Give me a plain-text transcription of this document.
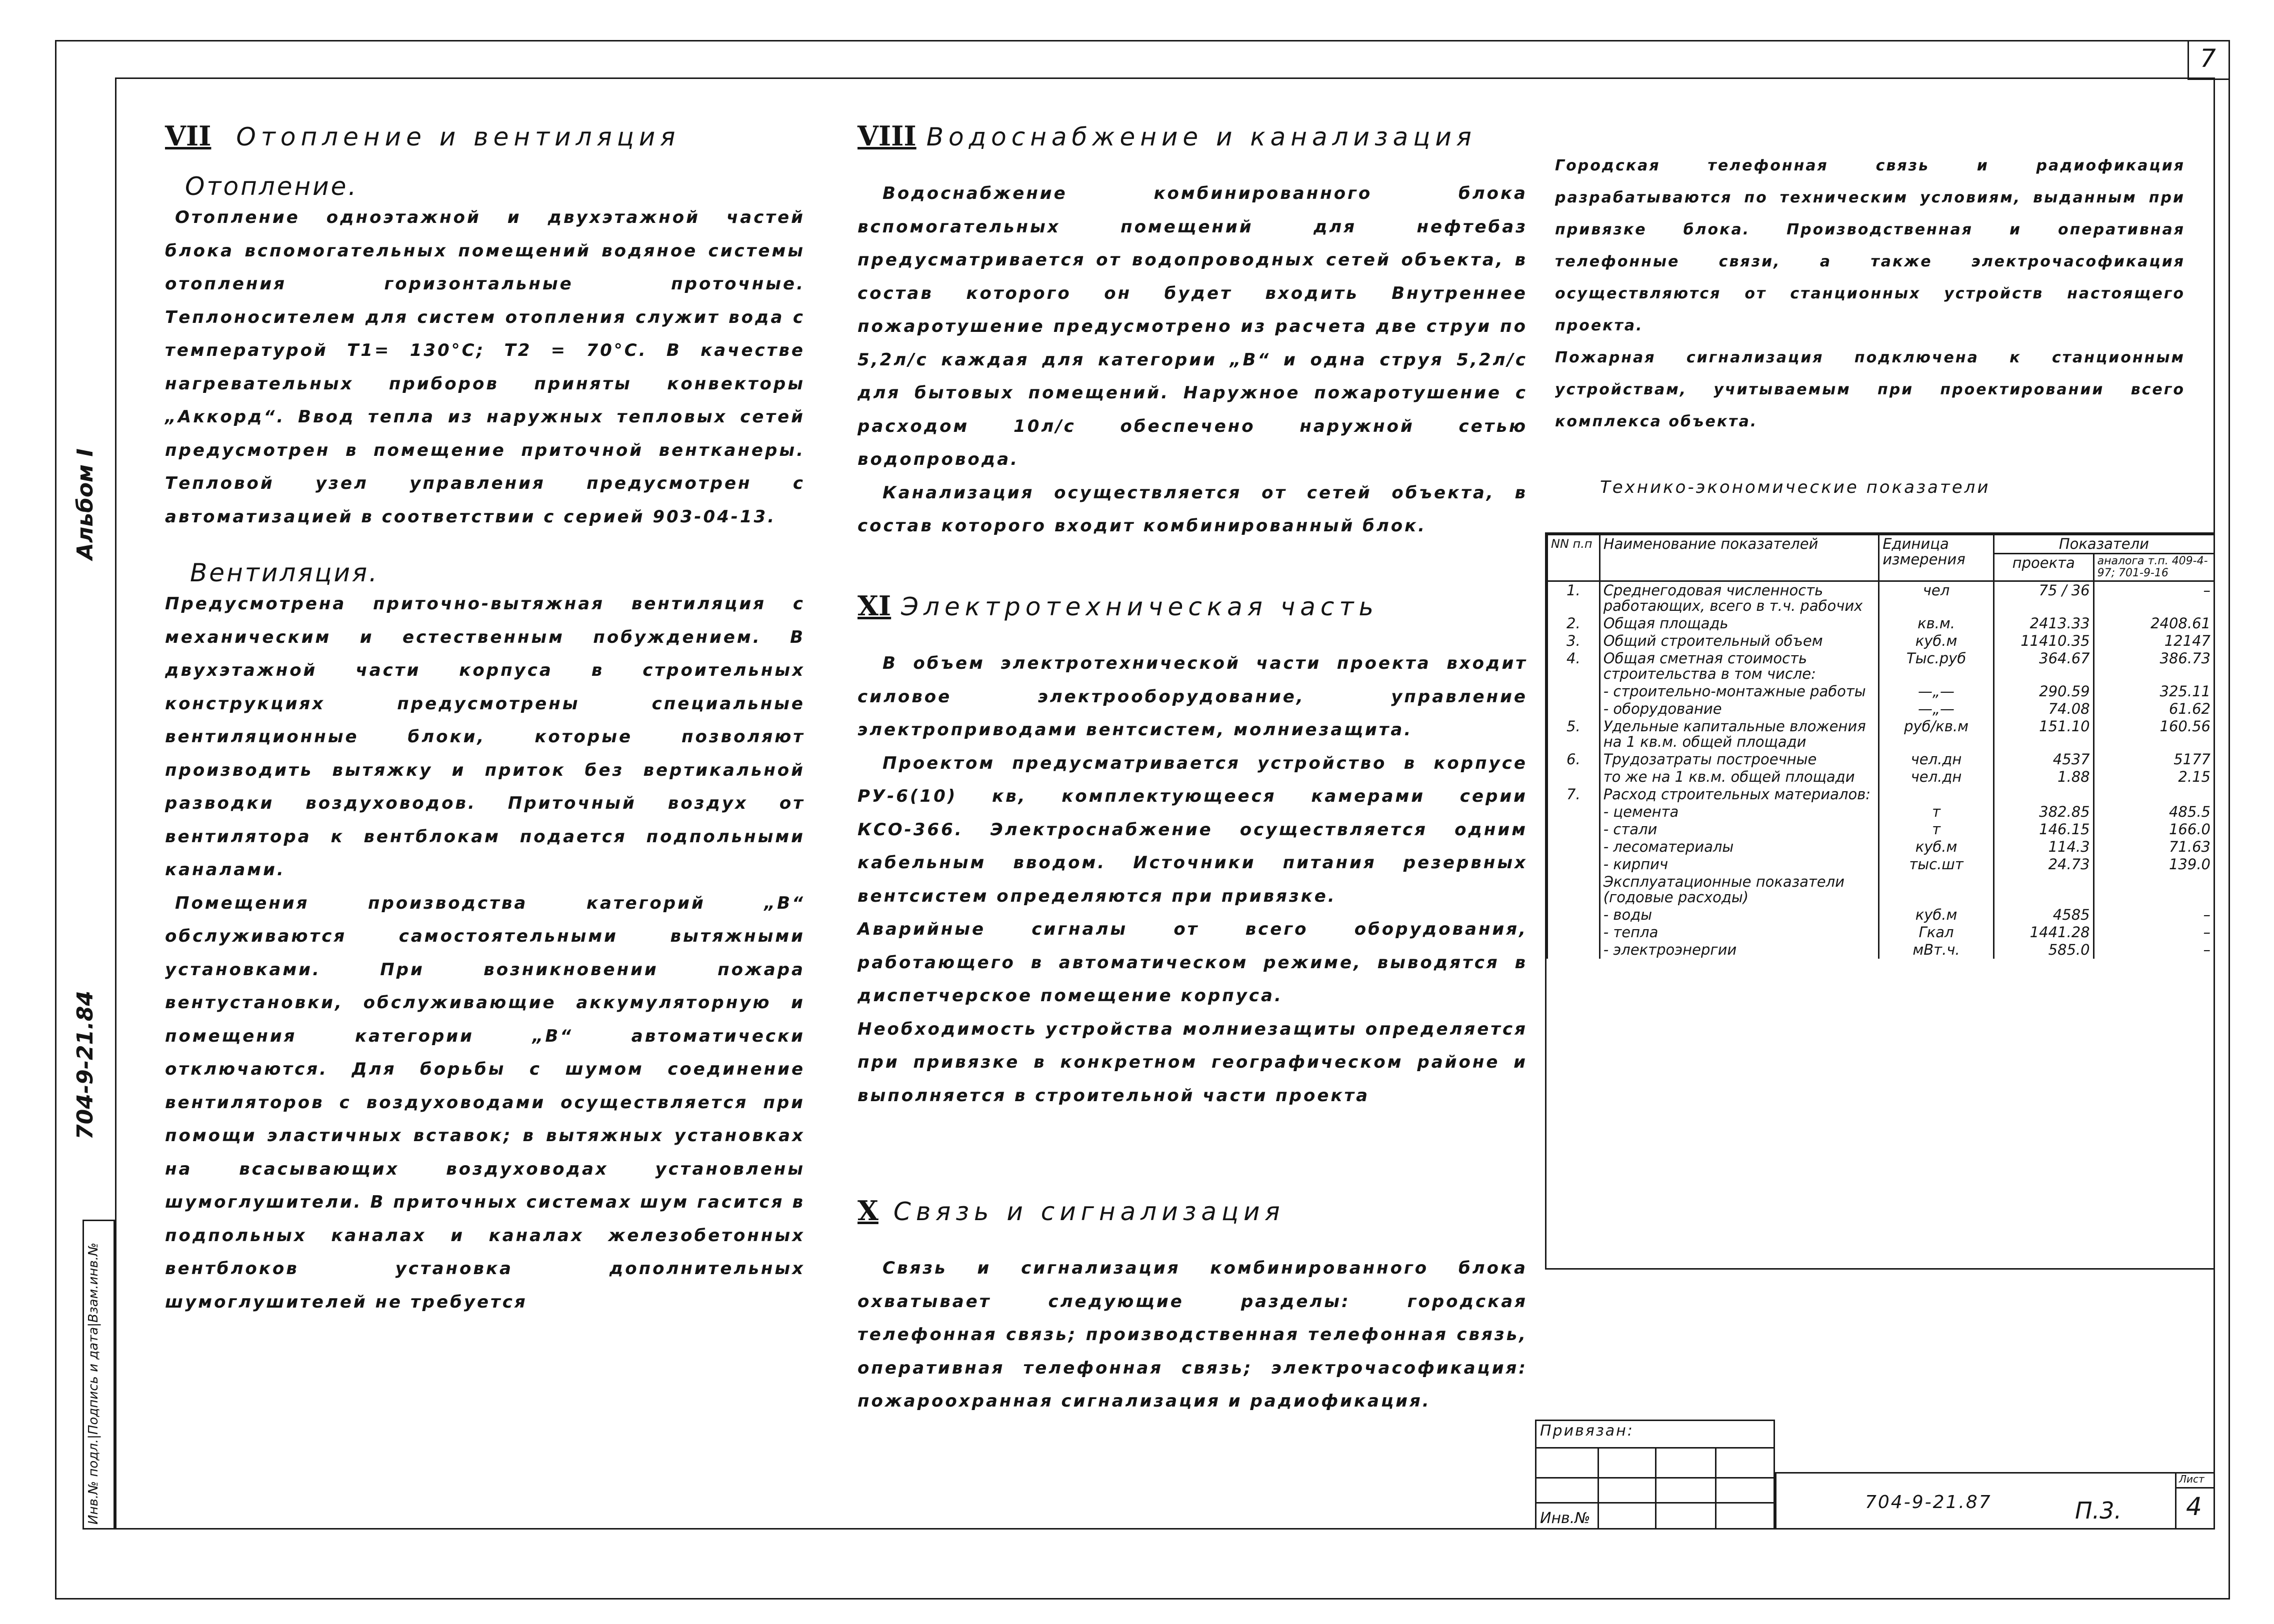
7
704-9-21.84
Альбом I
Инв.№ подл.|Подпись и дата|Взам.инв.№
VII Отопление и вентиляция
Отопление.

Отопление одноэтажной и двухэтажной частей блока вспомогательных помещений водяное системы отопления горизонтальные проточные. Теплоносителем для систем отопления служит вода с температурой Т1= 130°С; Т2 = 70°С. В качестве нагревательных приборов приняты конвекторы „Аккорд“. Ввод тепла из наружных тепловых сетей предусмотрен в помещение приточной вентканеры. Тепловой узел управления предусмотрен с автоматизацией в соответствии с серией 903-04-13.

Вентиляция.

Предусмотрена приточно-вытяжная вентиляция с механическим и естественным побуждением. В двухэтажной части корпуса в строительных конструкциях предусмотрены специальные вентиляционные блоки, которые позволяют производить вытяжку и приток без вертикальной разводки воздуховодов. Приточный воздух от вентилятора к вентблокам подается подпольными каналами.

Помещения производства категорий „В“ обслуживаются самостоятельными вытяжными установками. При возникновении пожара вентустановки, обслуживающие аккумуляторную и помещения категории „В“ автоматически отключаются. Для борьбы с шумом соединение вентиляторов с воздуховодами осуществляется при помощи эластичных вставок; в вытяжных установках на всасывающих воздуховодах установлены шумоглушители. В приточных системах шум гасится в подпольных каналах и каналах железобетонных вентблоков установка дополнительных шумоглушителей не требуется

VIII Водоснабжение и канализация

Водоснабжение комбинированного блока вспомогательных помещений для нефтебаз предусматривается от водопроводных сетей объекта, в состав которого он будет входить Внутреннее пожаротушение предусмотрено из расчета две струи по 5,2л/с каждая для категории „В“ и одна струя 5,2л/с для бытовых помещений. Наружное пожаротушение с расходом 10л/с обеспечено наружной сетью водопровода.

Канализация осуществляется от сетей объекта, в состав которого входит комбинированный блок.

XI Электротехническая часть

В объем электротехнической части проекта входит силовое электрооборудование, управление электроприводами вентсистем, молниезащита.

Проектом предусматривается устройство в корпусе РУ-6(10) кв, комплектующееся камерами серии КСО-366. Электроснабжение осуществляется одним кабельным вводом. Источники питания резервных вентсистем определяются при привязке.

Аварийные сигналы от всего оборудования, работающего в автоматическом режиме, выводятся в диспетчерское помещение корпуса.

Необходимость устройства молниезащиты определяется при привязке в конкретном географическом районе и выполняется в строительной части проекта

X Связь и сигнализация

Связь и сигнализация комбинированного блока охватывает следующие разделы: городская телефонная связь; производственная телефонная связь, оперативная телефонная связь; электрочасофикация: пожароохранная сигнализация и радиофикация.

Городская телефонная связь и радиофикация разрабатываются по техническим условиям, выданным при привязке блока. Производственная и оперативная телефонные связи, а также электрочасофикация осуществляются от станционных устройств настоящего проекта.

Пожарная сигнализация подключена к станционным устройствам, учитываемым при проектировании всего комплекса объекта.

Технико-экономические показатели
NN п.п	Наименование показателей	Единица измерения	Показатели	
			проекта	аналога т.п. 409-4-97; 701-9-16
1.	Среднегодовая численность работающих, всего в т.ч. рабочих	чел	75 / 36	–
2.	Общая площадь	кв.м.	2413.33	2408.61
3.	Общий строительный объем	куб.м	11410.35	12147
4.	Общая сметная стоимость строительства в том числе:	Тыс.руб	364.67	386.73
	- строительно-монтажные работы	—„—	290.59	325.11
	- оборудование	—„—	74.08	61.62
5.	Удельные капитальные вложения на 1 кв.м. общей площади	руб/кв.м	151.10	160.56
6.	Трудозатраты построечные	чел.дн	4537	5177
	то же на 1 кв.м. общей площади	чел.дн	1.88	2.15
7.	Расход строительных материалов:			
	- цемента	т	382.85	485.5
	- стали	т	146.15	166.0
	- лесоматериалы	куб.м	114.3	71.63
	- кирпич	тыс.шт	24.73	139.0
	Эксплуатационные показатели (годовые расходы)			
	- воды	куб.м	4585	–
	- тепла	Гкал	1441.28	–
	- электроэнергии	мВт.ч.	585.0	–
Привязан:
Инв.№
704-9-21.87	П.3.
Лист
4
